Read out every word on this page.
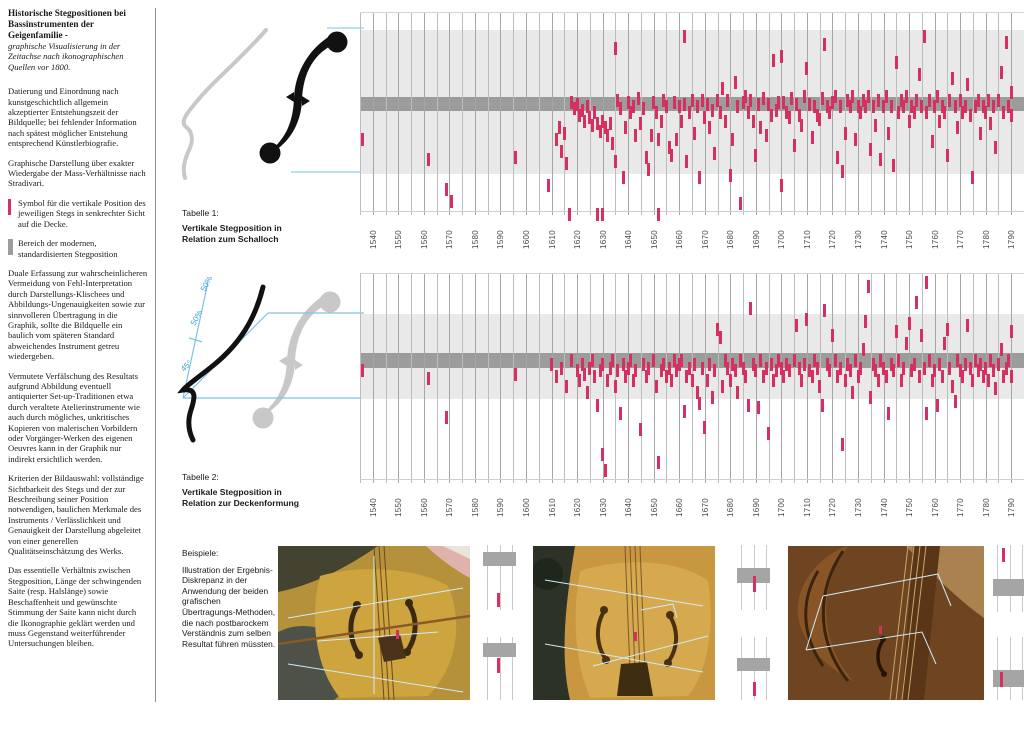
Historische Stegpositionen bei Bassinstrumenten der Geigenfamilie -
graphische Visualisierung in der Zeitachse nach ikonographischen Quellen vor 1800.

Datierung und Einordnung nach kunstgeschichtlich allgemein akzeptierter Entstehungszeit der Bildquelle; bei fehlender Information nach spätest möglicher Entstehung entsprechend Künstlerbiografie.

Graphische Darstellung über exakter Wiedergabe der Mass-Verhältnisse nach Stradivari.

Symbol für die vertikale Position des jeweiligen Stegs in senkrechter Sicht auf die Decke.
Bereich der modernen, standardisierten Stegposition

Duale Erfassung zur wahrscheinlicheren Vermeidung von Fehl-Interpretation durch Darstellungs-Klischees und Abbildungs-Ungenauigkeiten sowie zur sinnvolleren Übertragung in die Graphik, sollte die Bildquelle ein baulich vom späteren Standard abweichendes Instrument getreu wiedergeben.

Vermutete Verfälschung des Resultats aufgrund Abbildung eventuell antiquierter Set-up-Traditionen etwa durch veraltete Atelierinstrumente wie auch durch mögliches, unkritisches Kopieren von malerischen Vorbildern oder Vorgänger-Werken des eigenen Oeuvres kann in der Graphik nur indirekt ersichtlich werden.

Kriterien der Bildauswahl: vollständige Sichtbarkeit des Stegs und der zur Beschreibung seiner Position notwendigen, baulichen Merkmale des Instruments / Verlässlichkeit und Genauigkeit der Darstellung abgeleitet von einer generellen Qualitätseinschätzung des Werks.

Das essentielle Verhältnis zwischen Stegposition, Länge der schwingenden Saite (resp. Halslänge) sowie Beschaffenheit und gewünschte Stimmung der Saite kann nicht durch die Ikonographie geklärt werden und muss Gegenstand weiterführender Untersuchungen bleiben.

50%
50%
45°
1540 1550 1560 1570 1580 1590 1600 1610 1620 1630 1640 1650 1660 1670 1680 1690 1700 1710 1720 1730 1740 1750 1760 1770 1780 1790
1540 1550 1560 1570 1580 1590 1600 1610 1620 1630 1640 1650 1660 1670 1680 1690 1700 1710 1720 1730 1740 1750 1760 1770 1780 1790
Tabelle 1:
Vertikale Stegposition in Relation zum Schalloch
Tabelle 2:
Vertikale Stegposition in Relation zur Deckenformung
Beispiele:
Illustration der Ergebnis-Diskrepanz in der Anwendung der beiden grafischen Übertragungs-Methoden, die nach postbarockem Verständnis zum selben Resultat führen müssten.
